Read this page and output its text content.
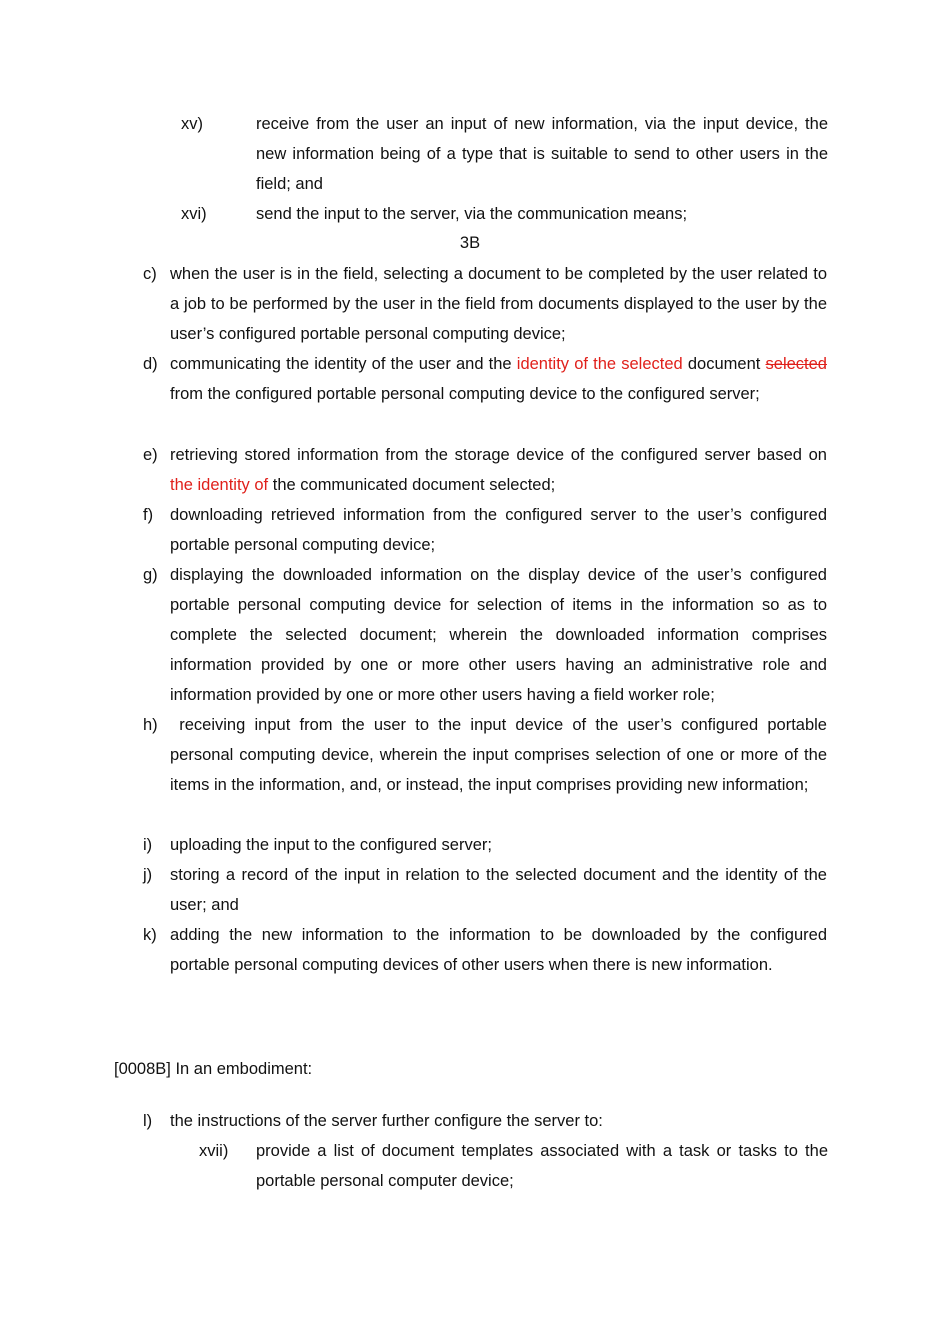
xv)	receive from the user an input of new information, via the input device, the new information being of a type that is suitable to send to other users in the field; and
xvi)	send the input to the server, via the communication means;
3B
c) when the user is in the field, selecting a document to be completed by the user related to a job to be performed by the user in the field from documents displayed to the user by the user’s configured portable personal computing device;
d) communicating the identity of the user and the identity of the selected document selected from the configured portable personal computing device to the configured server;
e) retrieving stored information from the storage device of the configured server based on the identity of the communicated document selected;
f) downloading retrieved information from the configured server to the user’s configured portable personal computing device;
g) displaying the downloaded information on the display device of the user’s configured portable personal computing device for selection of items in the information so as to complete the selected document; wherein the downloaded information comprises information provided by one or more other users having an administrative role and information provided by one or more other users having a field worker role;
h) receiving input from the user to the input device of the user’s configured portable personal computing device, wherein the input comprises selection of one or more of the items in the information, and, or instead, the input comprises providing new information;
i) uploading the input to the configured server;
j) storing a record of the input in relation to the selected document and the identity of the user; and
k) adding the new information to the information to be downloaded by the configured portable personal computing devices of other users when there is new information.
[0008B] In an embodiment:
l) the instructions of the server further configure the server to:
xvii) provide a list of document templates associated with a task or tasks to the portable personal computer device;
